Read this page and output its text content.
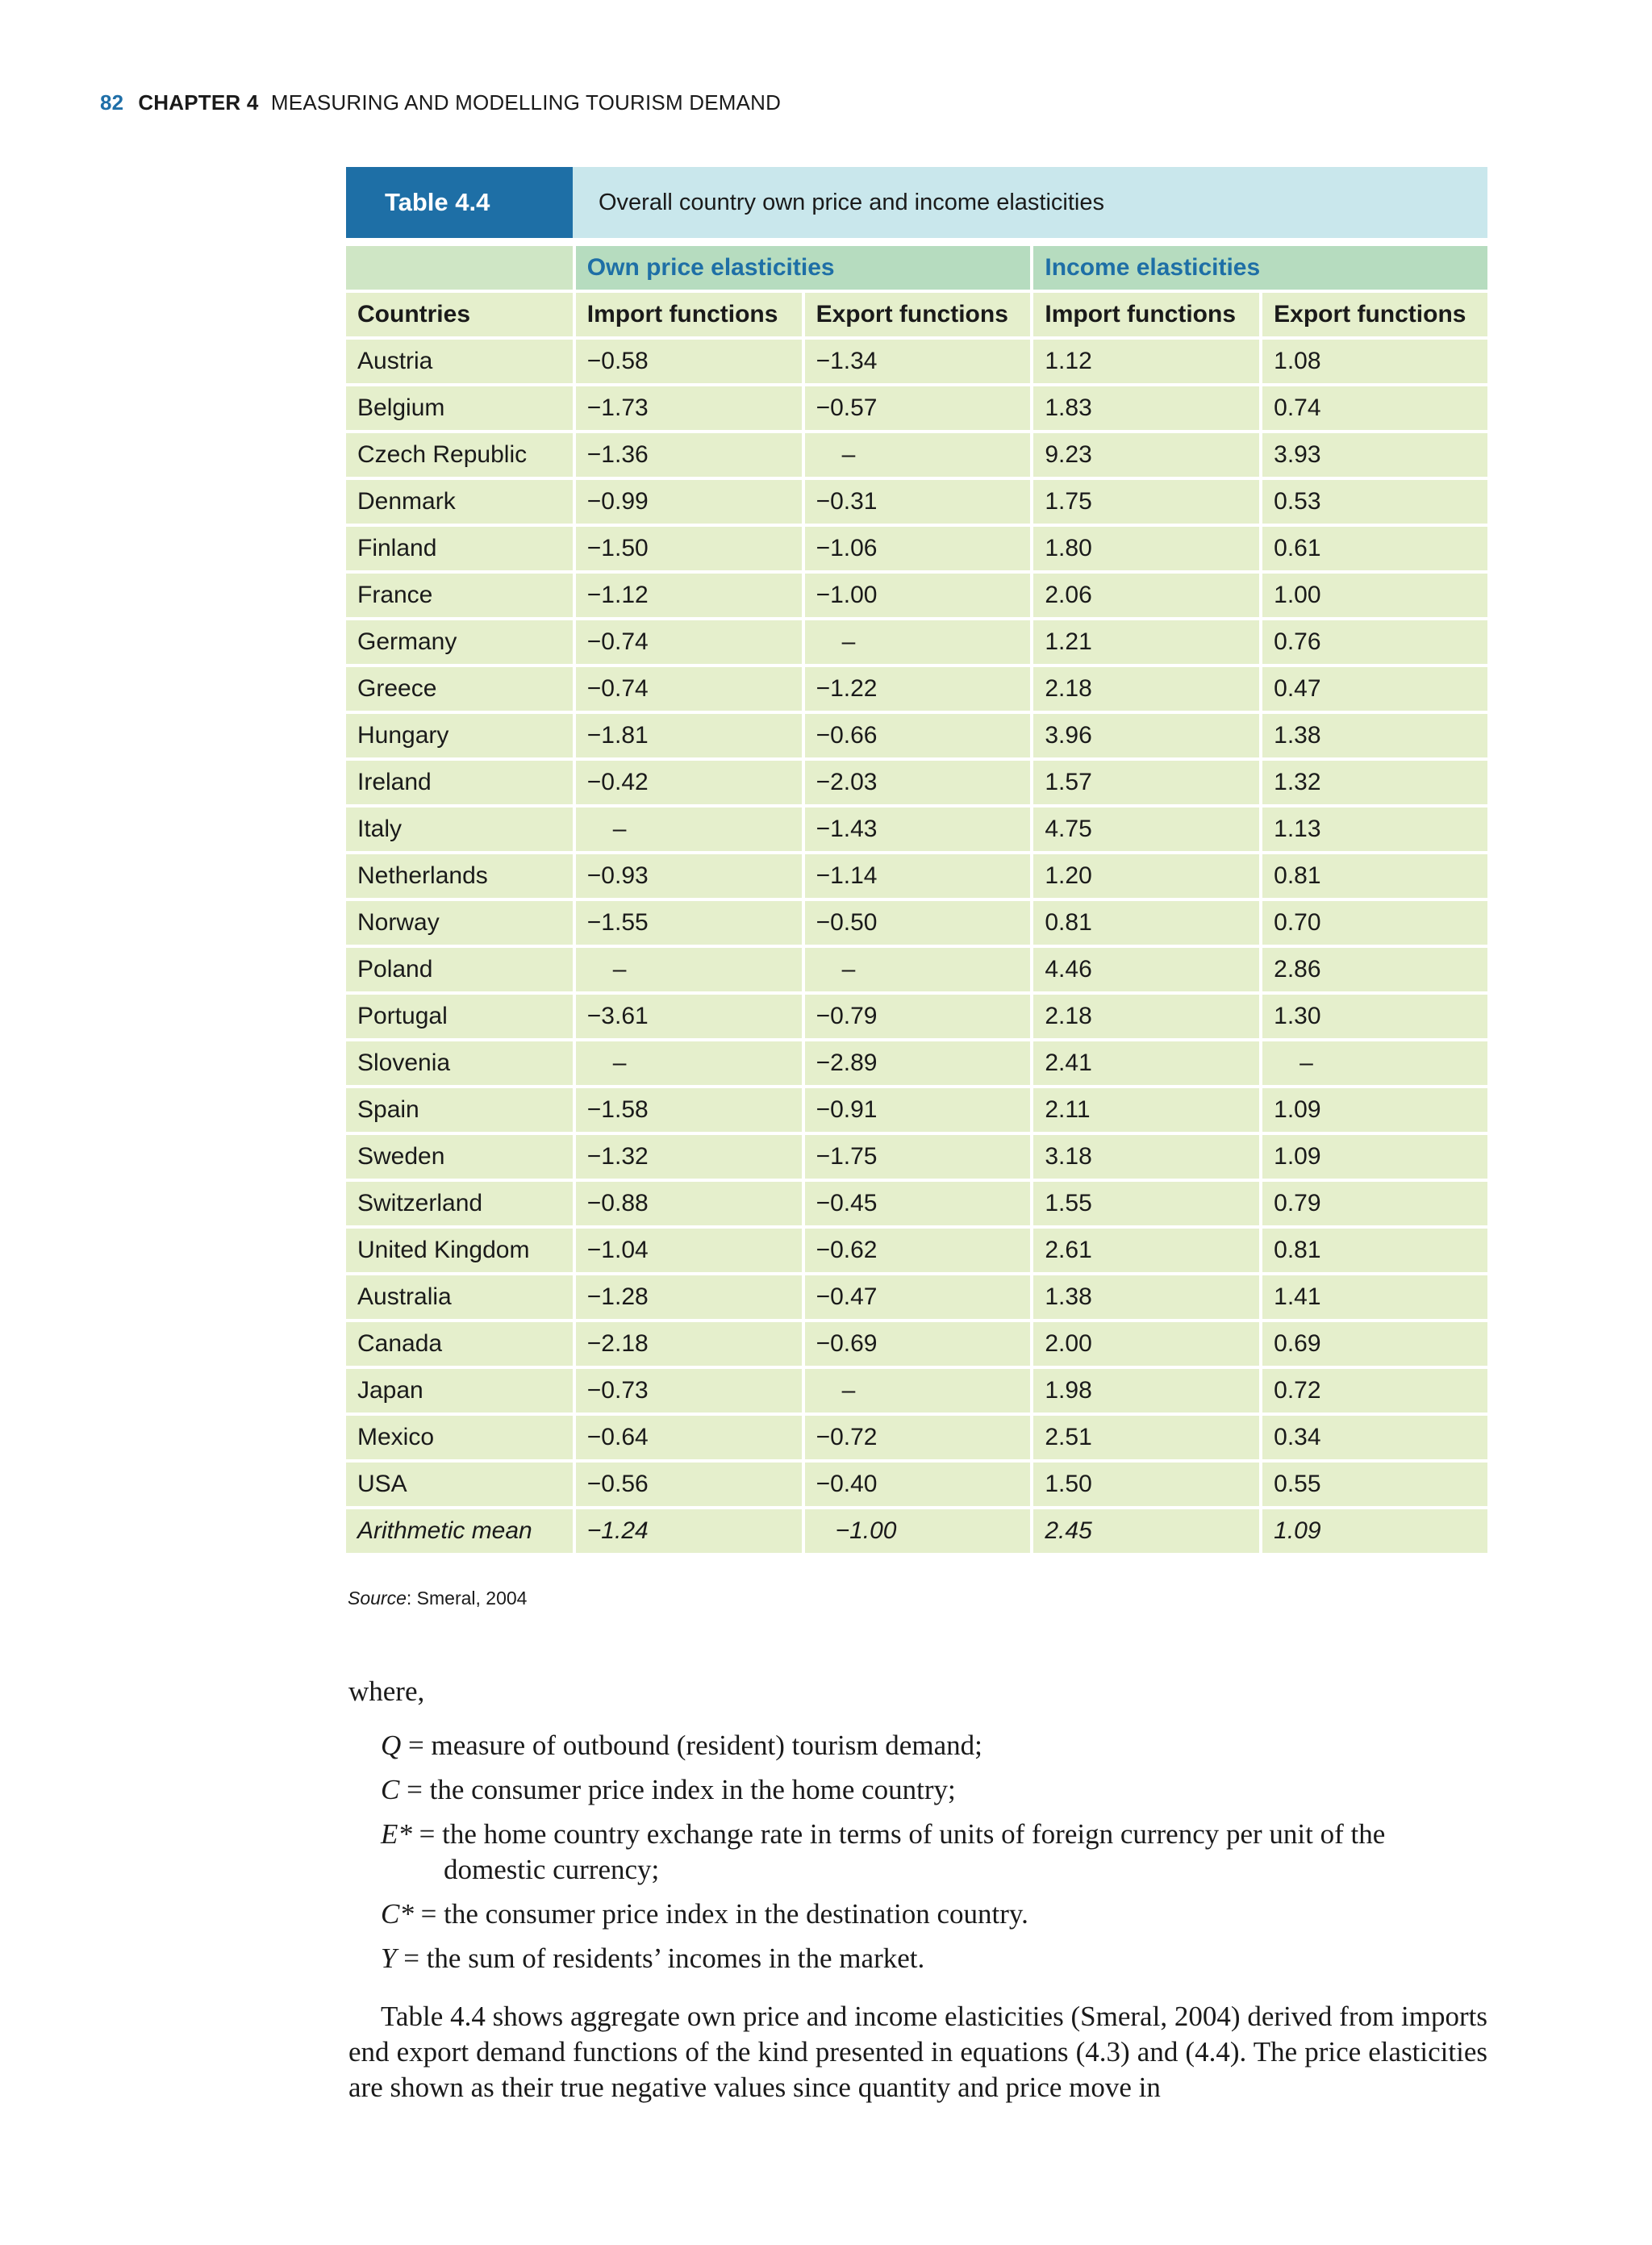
82 CHAPTER 4 MEASURING AND MODELLING TOURISM DEMAND
Table 4.4	Overall country own price and income elasticities
	Own price elasticities		Income elasticities	
Countries	Import functions	Export functions	Import functions	Export functions
Austria	−0.58	−1.34	1.12	1.08
Belgium	−1.73	−0.57	1.83	0.74
Czech Republic	−1.36	–	9.23	3.93
Denmark	−0.99	−0.31	1.75	0.53
Finland	−1.50	−1.06	1.80	0.61
France	−1.12	−1.00	2.06	1.00
Germany	−0.74	–	1.21	0.76
Greece	−0.74	−1.22	2.18	0.47
Hungary	−1.81	−0.66	3.96	1.38
Ireland	−0.42	−2.03	1.57	1.32
Italy	–	−1.43	4.75	1.13
Netherlands	−0.93	−1.14	1.20	0.81
Norway	−1.55	−0.50	0.81	0.70
Poland	–	–	4.46	2.86
Portugal	−3.61	−0.79	2.18	1.30
Slovenia	–	−2.89	2.41	–
Spain	−1.58	−0.91	2.11	1.09
Sweden	−1.32	−1.75	3.18	1.09
Switzerland	−0.88	−0.45	1.55	0.79
United Kingdom	−1.04	−0.62	2.61	0.81
Australia	−1.28	−0.47	1.38	1.41
Canada	−2.18	−0.69	2.00	0.69
Japan	−0.73	–	1.98	0.72
Mexico	−0.64	−0.72	2.51	0.34
USA	−0.56	−0.40	1.50	0.55
Arithmetic mean	−1.24	−1.00	2.45	1.09
Source: Smeral, 2004
where,
Q = measure of outbound (resident) tourism demand;
C = the consumer price index in the home country;
E* = the home country exchange rate in terms of units of foreign currency per unit of the
domestic currency;
C* = the consumer price index in the destination country.
Y = the sum of residents’ incomes in the market.
Table 4.4 shows aggregate own price and income elasticities (Smeral, 2004) derived from imports end export demand functions of the kind presented in equations (4.3) and (4.4). The price elasticities are shown as their true negative values since quantity and price move in
